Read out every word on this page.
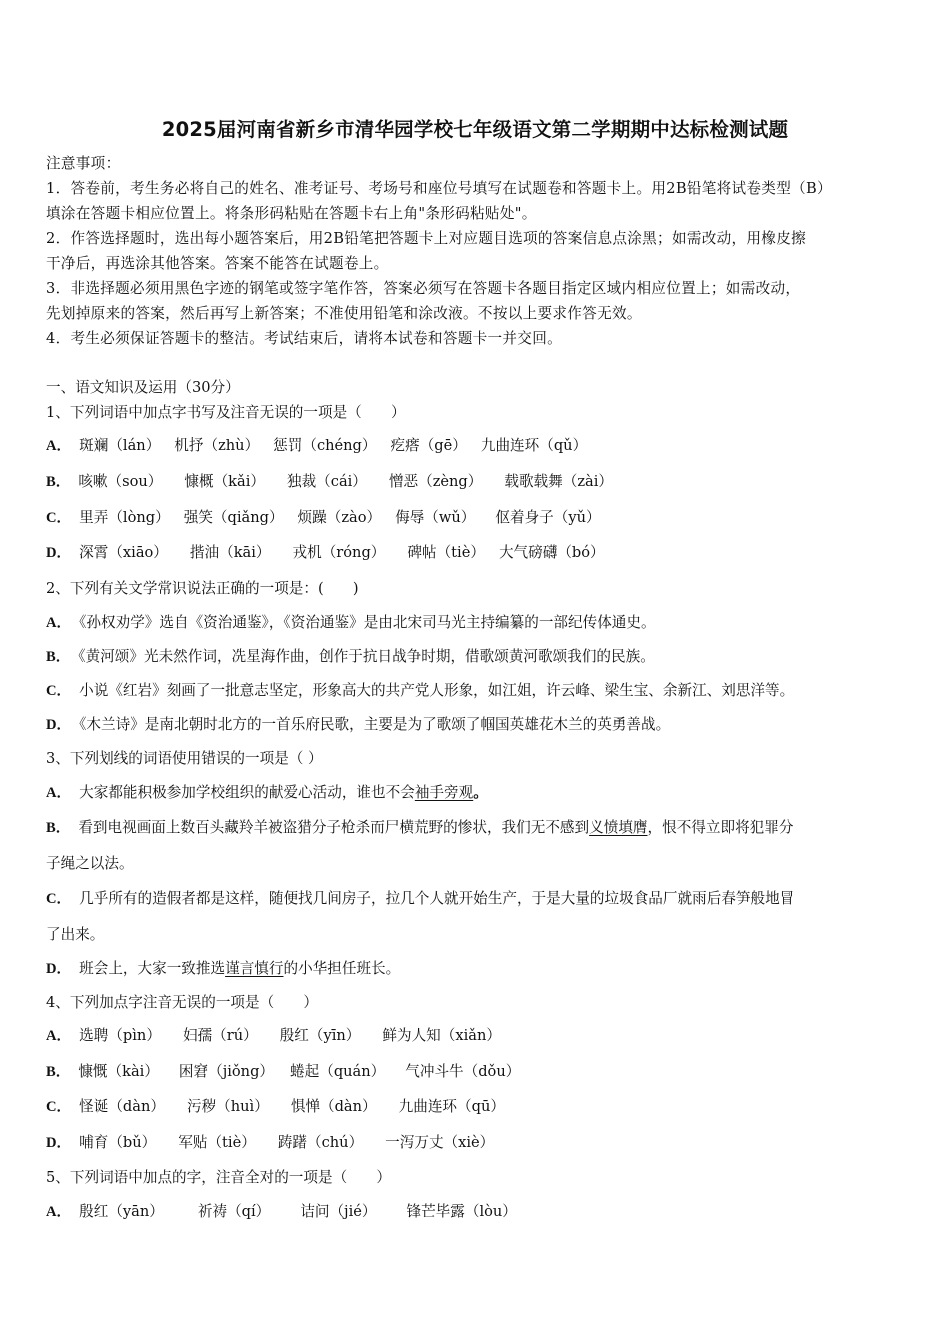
2025届河南省新乡市清华园学校七年级语文第二学期期中达标检测试题
注意事项：
1．答卷前，考生务必将自己的姓名、准考证号、考场号和座位号填写在试题卷和答题卡上。用2B铅笔将试卷类型（B）
填涂在答题卡相应位置上。将条形码粘贴在答题卡右上角"条形码粘贴处"。
2．作答选择题时，选出每小题答案后，用2B铅笔把答题卡上对应题目选项的答案信息点涂黑；如需改动，用橡皮擦
干净后，再选涂其他答案。答案不能答在试题卷上。
3．非选择题必须用黑色字迹的钢笔或签字笔作答，答案必须写在答题卡各题目指定区域内相应位置上；如需改动，
先划掉原来的答案，然后再写上新答案；不准使用铅笔和涂改液。不按以上要求作答无效。
4．考生必须保证答题卡的整洁。考试结束后，请将本试卷和答题卡一并交回。
一、语文知识及运用（30分）
1、下列词语中加点字书写及注音无误的一项是（　　）
A． 斑斓（lán） 机抒（zhù） 惩罚（chéng） 疙瘩（gē） 九曲连环（qǔ）
B． 咳嗽（sou） 慷概（kǎi） 独裁（cái） 憎恶（zèng） 载歌载舞（zài）
C． 里弄（lòng） 强笑（qiǎng） 烦躁（zào） 侮辱（wǔ） 伛着身子（yǔ）
D． 深霄（xiāo） 揩油（kāi） 戎机（róng） 碑帖（tiè） 大气磅礴（bó）
2、下列有关文学常识说法正确的一项是：(　　)
A． 《孙权劝学》选自《资治通鉴》，《资治通鉴》是由北宋司马光主持编纂的一部纪传体通史。
B． 《黄河颂》光未然作词，冼星海作曲，创作于抗日战争时期，借歌颂黄河歌颂我们的民族。
C． 小说《红岩》刻画了一批意志坚定，形象高大的共产党人形象，如江姐，许云峰、梁生宝、余新江、刘思洋等。
D． 《木兰诗》是南北朝时北方的一首乐府民歌，主要是为了歌颂了帼国英雄花木兰的英勇善战。
3、下列划线的词语使用错误的一项是（ ）
A． 大家都能积极参加学校组织的献爱心活动，谁也不会袖手旁观。
B． 看到电视画面上数百头藏羚羊被盗猎分子枪杀而尸横荒野的惨状，我们无不感到义愤填膺，恨不得立即将犯罪分
子绳之以法。
C． 几乎所有的造假者都是这样，随便找几间房子，拉几个人就开始生产，于是大量的垃圾食品厂就雨后春笋般地冒
了出来。
D． 班会上，大家一致推选谨言慎行的小华担任班长。
4、下列加点字注音无误的一项是（　　）
A． 选聘（pìn） 妇孺（rú） 殷红（yīn） 鲜为人知（xiǎn）
B． 慷慨（kài） 困窘（jiǒng） 蜷起（quán） 气冲斗牛（dǒu）
C． 怪诞（dàn） 污秽（huì） 惧惮（dàn） 九曲连环（qū）
D． 哺育（bǔ） 军贴（tiè） 踌躇（chú） 一泻万丈（xiè）
5、下列词语中加点的字，注音全对的一项是（　　）
A． 殷红（yān） 祈祷（qí） 诘问（jié） 锋芒毕露（lòu）
